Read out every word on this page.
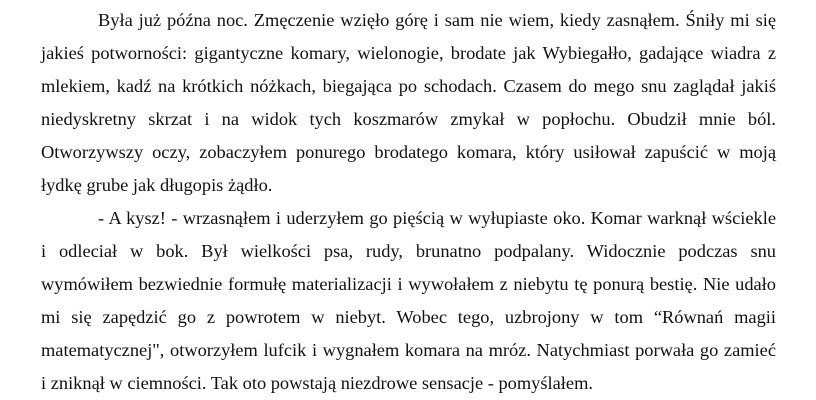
Była już późna noc. Zmęczenie wzięło górę i sam nie wiem, kiedy zasnąłem. Śniły mi się
jakieś potworności: gigantyczne komary, wielonogie, brodate jak Wybiegałło, gadające wiadra z
mlekiem, kadź na krótkich nóżkach, biegająca po schodach. Czasem do mego snu zaglądał jakiś
niedyskretny skrzat i na widok tych koszmarów zmykał w popłochu. Obudził mnie ból.
Otworzywszy oczy, zobaczyłem ponurego brodatego komara, który usiłował zapuścić w moją
łydkę grube jak długopis żądło.
- A kysz! - wrzasnąłem i uderzyłem go pięścią w wyłupiaste oko. Komar warknął wściekle
i odleciał w bok. Był wielkości psa, rudy, brunatno podpalany. Widocznie podczas snu
wymówiłem bezwiednie formułę materializacji i wywołałem z niebytu tę ponurą bestię. Nie udało
mi się zapędzić go z powrotem w niebyt. Wobec tego, uzbrojony w tom “Równań magii
matematycznej", otworzyłem lufcik i wygnałem komara na mróz. Natychmiast porwała go zamieć
i zniknął w ciemności. Tak oto powstają niezdrowe sensacje - pomyślałem.
